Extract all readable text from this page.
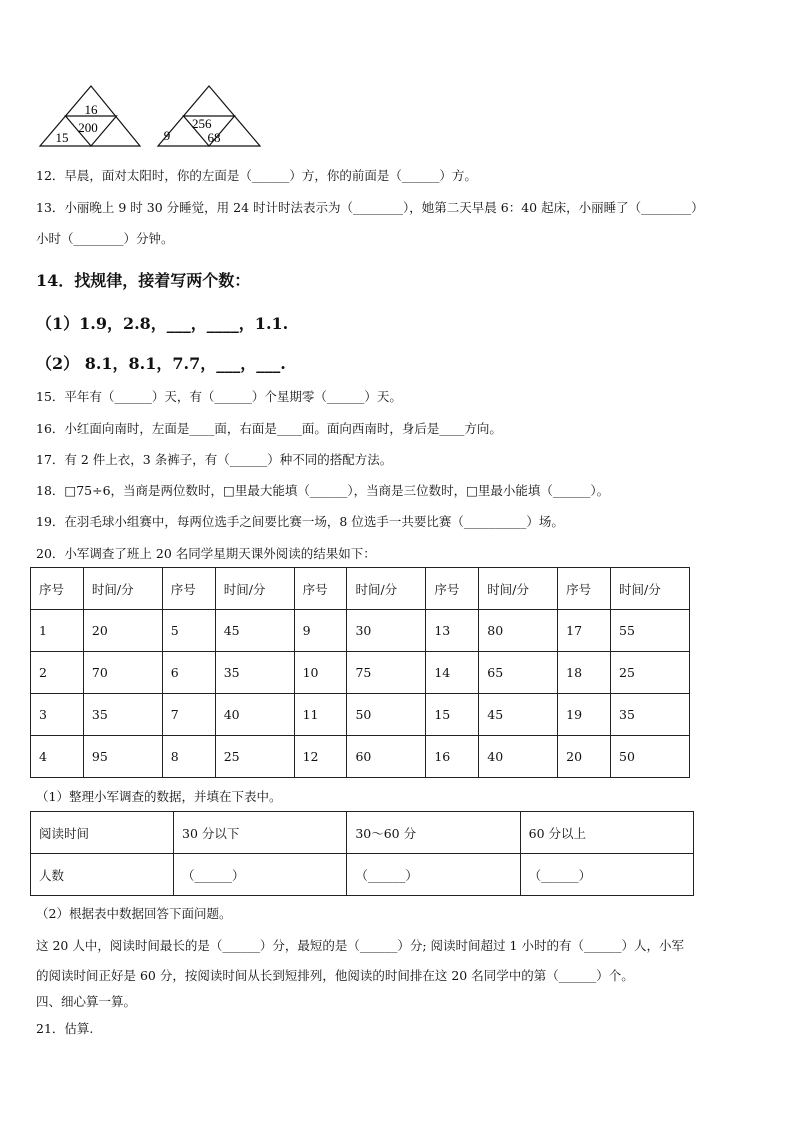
16
200
15
256
9	68
12．早晨，面对太阳时，你的左面是（______）方，你的前面是（______）方。
13．小丽晚上 9 时 30 分睡觉，用 24 时计时法表示为（________），她第二天早晨 6：40 起床，小丽睡了（________）
小时（________）分钟。
14．找规律，接着写两个数：
（1）1.9，2.8，___，____，1.1.
（2） 8.1，8.1，7.7，___，___.
15．平年有（______）天，有（______）个星期零（______）天。
16．小红面向南时，左面是____面，右面是____面。面向西南时，身后是____方向。
17．有 2 件上衣，3 条裤子，有（______）种不同的搭配方法。
18．□75÷6，当商是两位数时，□里最大能填（______），当商是三位数时，□里最小能填（______）。
19．在羽毛球小组赛中，每两位选手之间要比赛一场，8 位选手一共要比赛（__________）场。
20．小军调查了班上 20 名同学星期天课外阅读的结果如下：
序号	时间/分	序号	时间/分	序号	时间/分	序号	时间/分	序号	时间/分
1	20	5	45	9	30	13	80	17	55
2	70	6	35	10	75	14	65	18	25
3	35	7	40	11	50	15	45	19	35
4	95	8	25	12	60	16	40	20	50
（1）整理小军调查的数据，并填在下表中。
阅读时间	30 分以下	30～60 分	60 分以上
人数	（______）	（______）	（______）
（2）根据表中数据回答下面问题。
这 20 人中，阅读时间最长的是（______）分，最短的是（______）分; 阅读时间超过 1 小时的有（______）人，小军
的阅读时间正好是 60 分，按阅读时间从长到短排列，他阅读的时间排在这 20 名同学中的第（______）个。
四、细心算一算。
21．估算.
